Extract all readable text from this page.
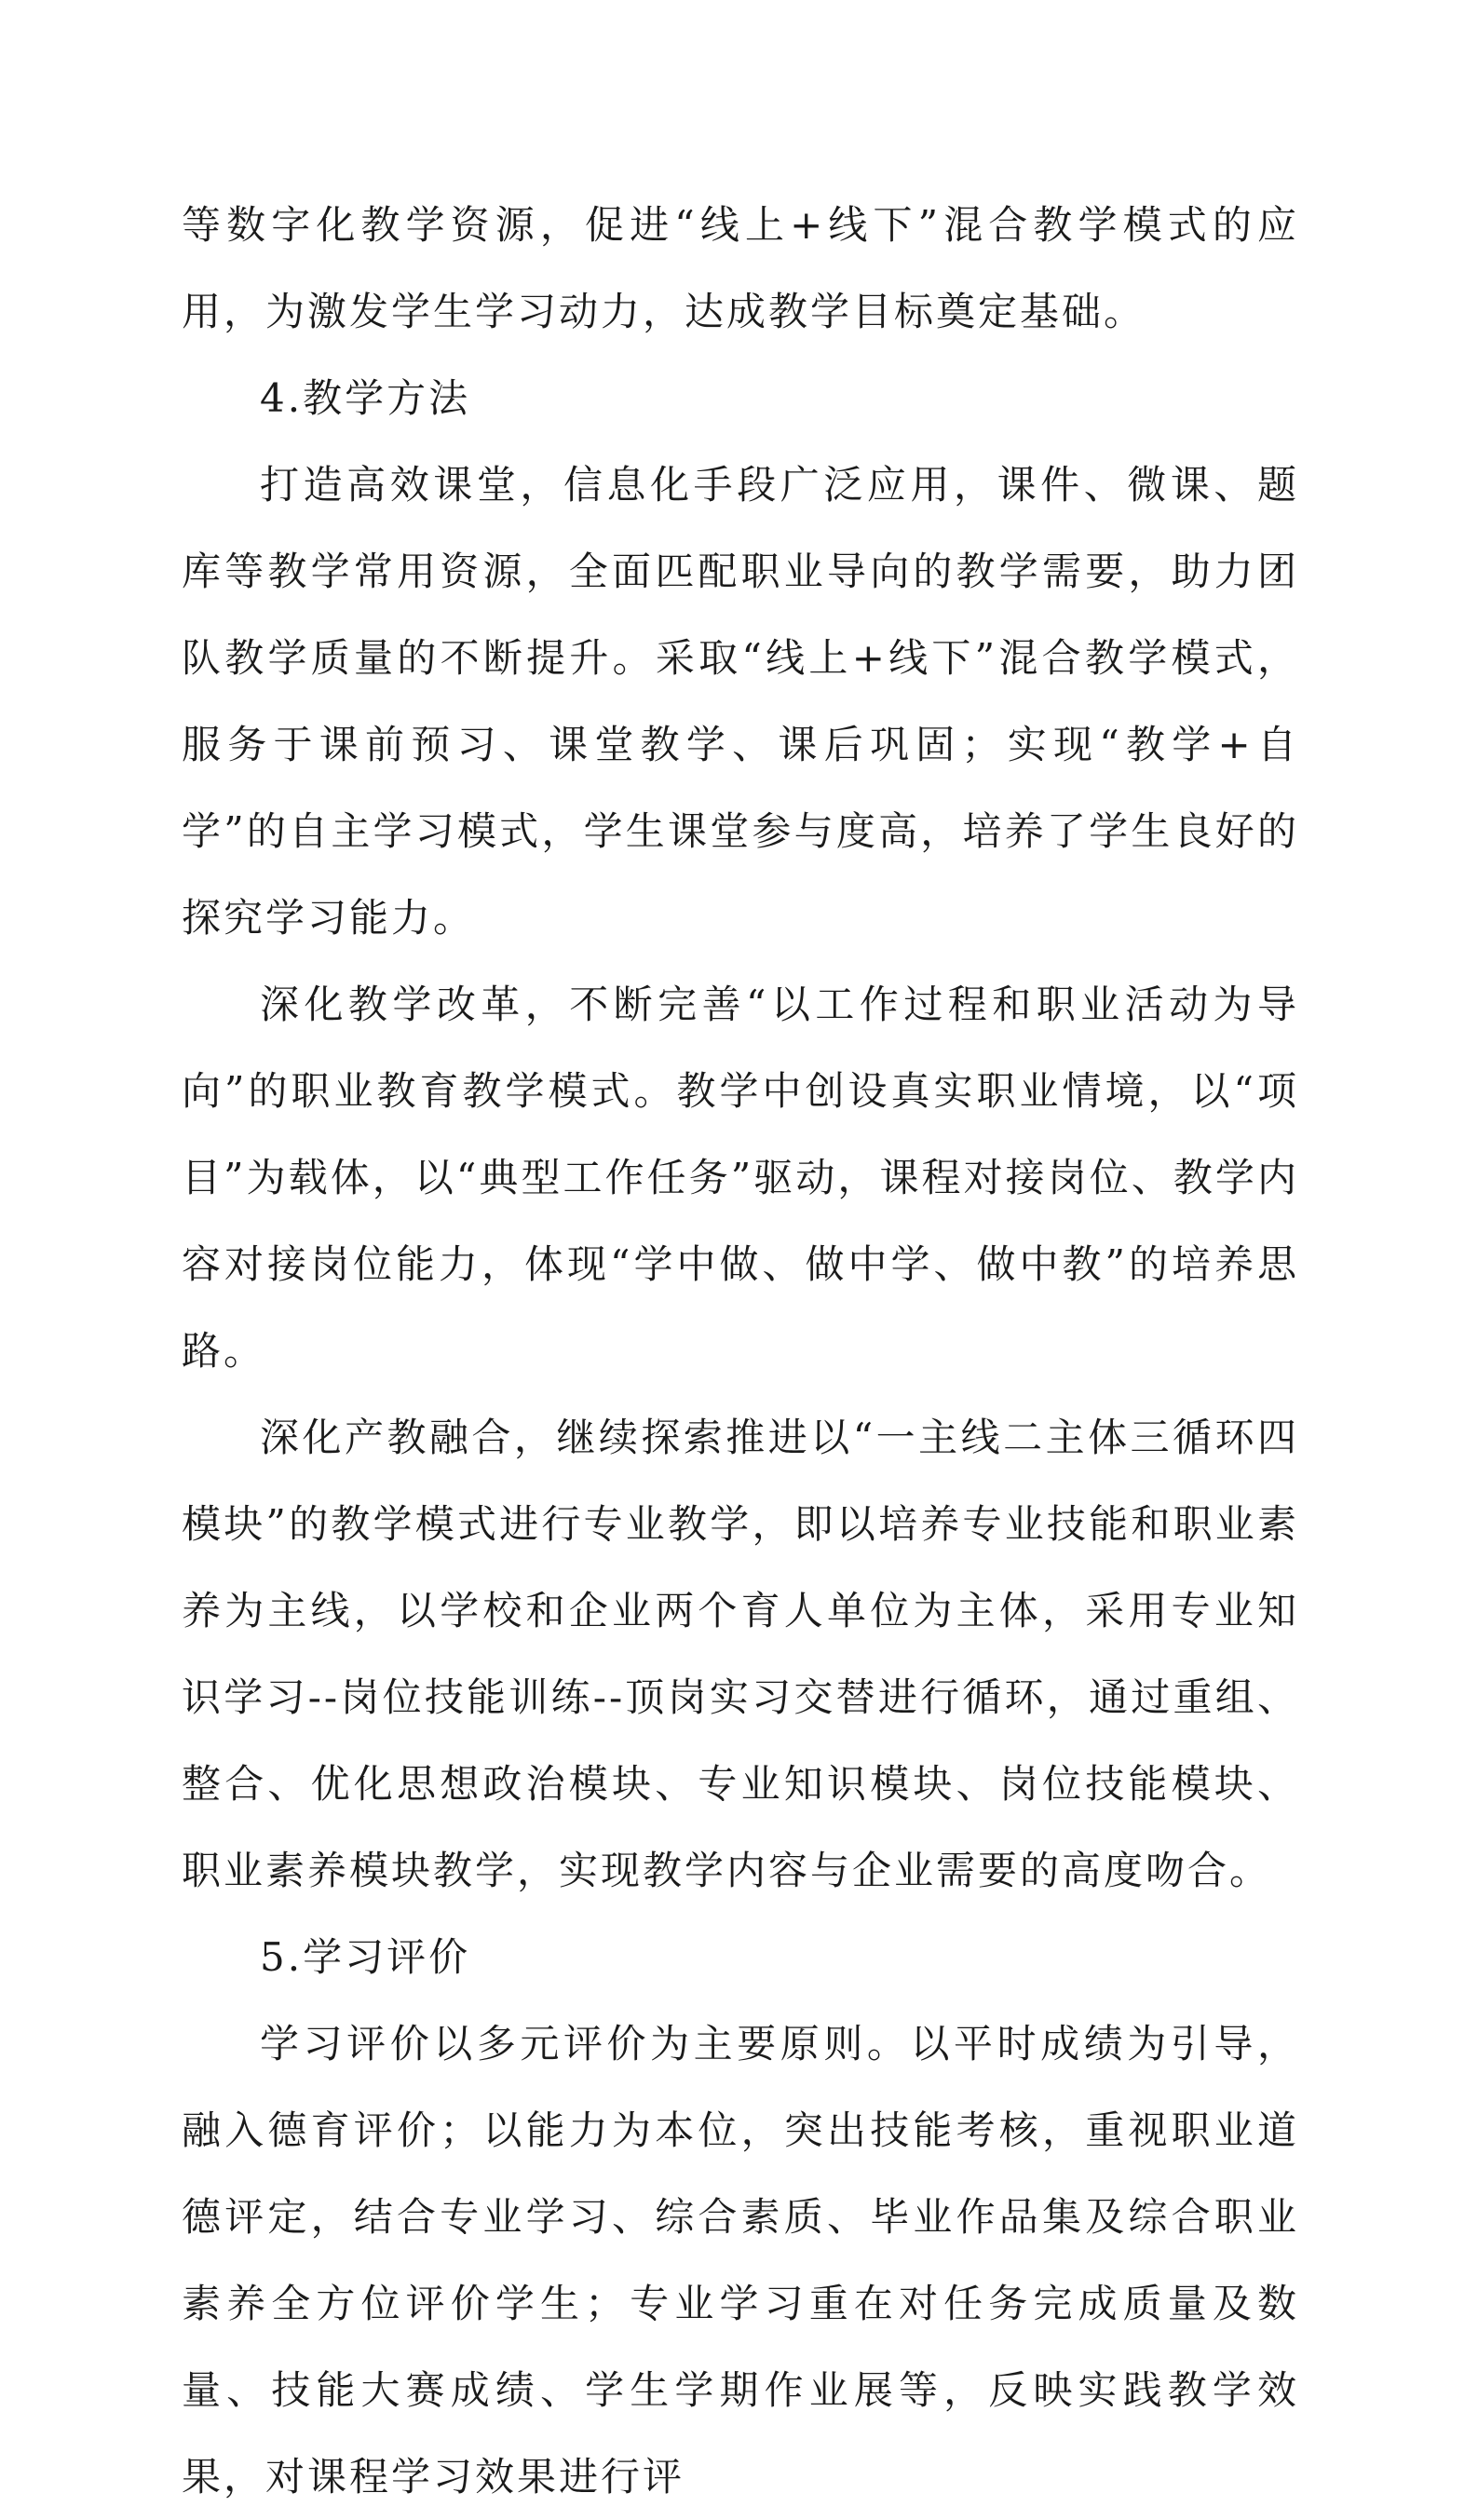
等数字化教学资源，促进“线上+线下”混合教学模式的应用，为激发学生学习动力，达成教学目标奠定基础。

4.教学方法

打造高效课堂，信息化手段广泛应用，课件、微课、题库等教学常用资源，全面匹配职业导向的教学需要，助力团队教学质量的不断提升。采取“线上+线下”混合教学模式，服务于课前预习、课堂教学、课后巩固；实现“教学+自学”的自主学习模式，学生课堂参与度高，培养了学生良好的探究学习能力。

深化教学改革，不断完善“以工作过程和职业活动为导向”的职业教育教学模式。教学中创设真实职业情境，以“项目”为载体，以“典型工作任务”驱动，课程对接岗位、教学内容对接岗位能力，体现“学中做、做中学、做中教”的培养思路。

深化产教融合，继续探索推进以“一主线二主体三循环四模块”的教学模式进行专业教学，即以培养专业技能和职业素养为主线，以学校和企业两个育人单位为主体，采用专业知识学习--岗位技能训练--顶岗实习交替进行循环，通过重组、整合、优化思想政治模块、专业知识模块、岗位技能模块、职业素养模块教学，实现教学内容与企业需要的高度吻合。

5.学习评价

学习评价以多元评价为主要原则。以平时成绩为引导，融入德育评价；以能力为本位，突出技能考核，重视职业道德评定，结合专业学习、综合素质、毕业作品集及综合职业素养全方位评价学生；专业学习重在对任务完成质量及数量、技能大赛成绩、学生学期作业展等，反映实践教学效果，对课程学习效果进行评
